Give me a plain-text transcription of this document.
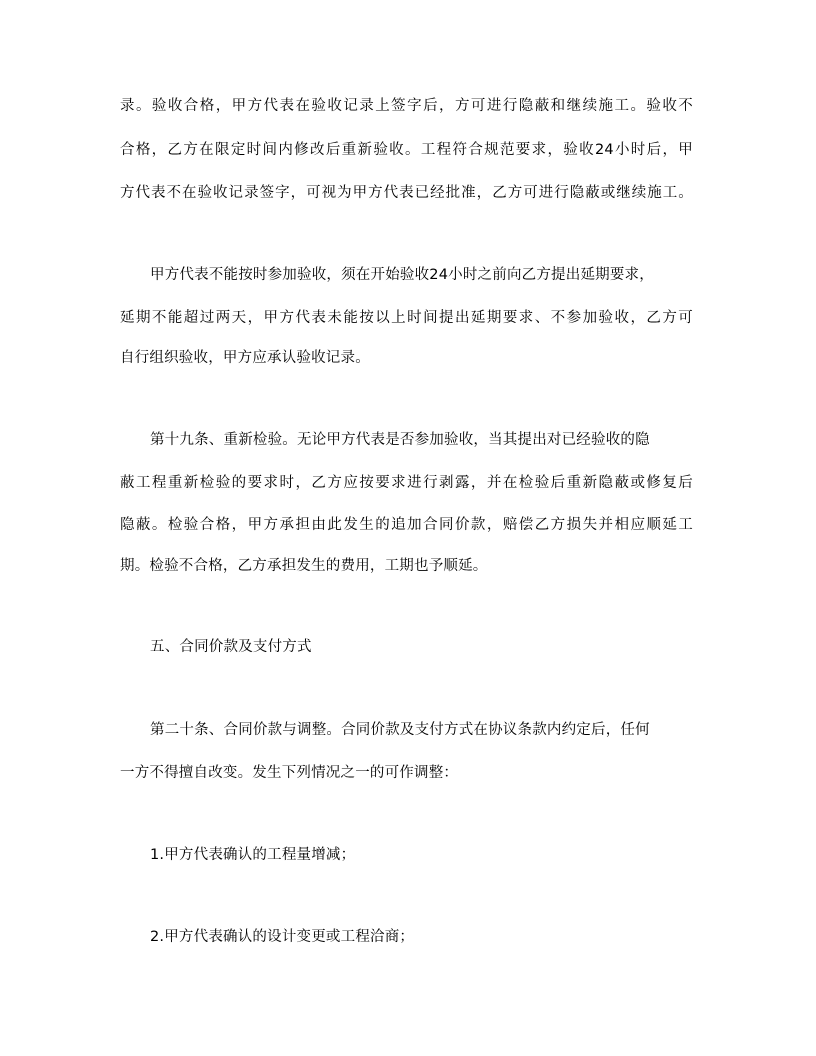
录。验收合格，甲方代表在验收记录上签字后，方可进行隐蔽和继续施工。验收不
合格，乙方在限定时间内修改后重新验收。工程符合规范要求，验收24小时后，甲
方代表不在验收记录签字，可视为甲方代表已经批准，乙方可进行隐蔽或继续施工。
甲方代表不能按时参加验收，须在开始验收24小时之前向乙方提出延期要求，
延期不能超过两天，甲方代表未能按以上时间提出延期要求、不参加验收，乙方可
自行组织验收，甲方应承认验收记录。
第十九条、重新检验。无论甲方代表是否参加验收，当其提出对已经验收的隐
蔽工程重新检验的要求时，乙方应按要求进行剥露，并在检验后重新隐蔽或修复后
隐蔽。检验合格，甲方承担由此发生的追加合同价款，赔偿乙方损失并相应顺延工
期。检验不合格，乙方承担发生的费用，工期也予顺延。
五、合同价款及支付方式
第二十条、合同价款与调整。合同价款及支付方式在协议条款内约定后，任何
一方不得擅自改变。发生下列情况之一的可作调整：
1.甲方代表确认的工程量增减；
2.甲方代表确认的设计变更或工程洽商；
